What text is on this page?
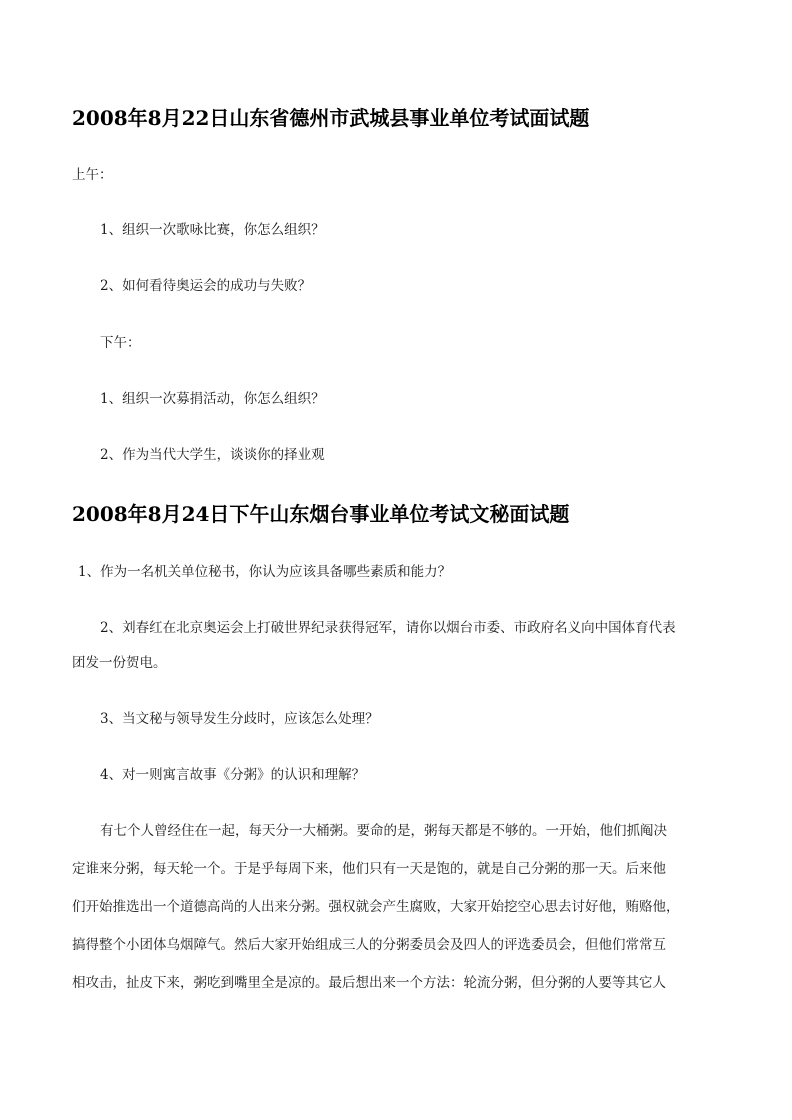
2008年8月22日山东省德州市武城县事业单位考试面试题
上午：
1、组织一次歌咏比赛，你怎么组织？
2、如何看待奥运会的成功与失败？
下午：
1、组织一次募捐活动，你怎么组织？
2、作为当代大学生，谈谈你的择业观
2008年8月24日下午山东烟台事业单位考试文秘面试题
1、作为一名机关单位秘书，你认为应该具备哪些素质和能力？
2、刘春红在北京奥运会上打破世界纪录获得冠军，请你以烟台市委、市政府名义向中国体育代表
团发一份贺电。
3、当文秘与领导发生分歧时，应该怎么处理？
4、对一则寓言故事《分粥》的认识和理解？
有七个人曾经住在一起，每天分一大桶粥。要命的是，粥每天都是不够的。一开始，他们抓阄决
定谁来分粥，每天轮一个。于是乎每周下来，他们只有一天是饱的，就是自己分粥的那一天。后来他
们开始推选出一个道德高尚的人出来分粥。强权就会产生腐败，大家开始挖空心思去讨好他，贿赂他，
搞得整个小团体乌烟障气。然后大家开始组成三人的分粥委员会及四人的评选委员会，但他们常常互
相攻击，扯皮下来，粥吃到嘴里全是凉的。最后想出来一个方法：轮流分粥，但分粥的人要等其它人
